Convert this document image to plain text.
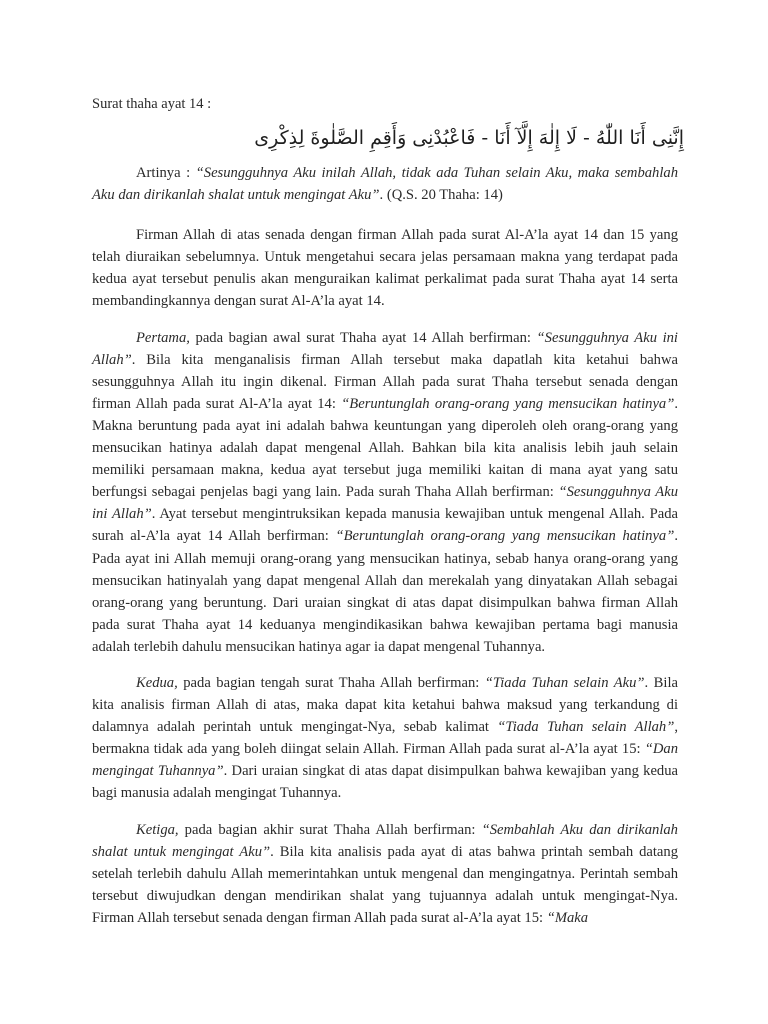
Surat thaha ayat 14 :
إِنَّنِى أَنَا اللّٰهُ - لَا إِلٰهَ إِلَّآ أَنَا - فَاعْبُدْنِى وَأَقِمِ الصَّلٰوةَ لِذِكْرِى

Artinya : “Sesungguhnya Aku inilah Allah, tidak ada Tuhan selain Aku, maka sembahlah Aku dan dirikanlah shalat untuk mengingat Aku”. (Q.S. 20 Thaha: 14)

Firman Allah di atas senada dengan firman Allah pada surat Al-A’la ayat 14 dan 15 yang telah diuraikan sebelumnya. Untuk mengetahui secara jelas persamaan makna yang terdapat pada kedua ayat tersebut penulis akan menguraikan kalimat perkalimat pada surat Thaha ayat 14 serta membandingkannya dengan surat Al-A’la ayat 14.

Pertama, pada bagian awal surat Thaha ayat 14 Allah berfirman: “Sesungguhnya Aku ini Allah”. Bila kita menganalisis firman Allah tersebut maka dapatlah kita ketahui bahwa sesungguhnya Allah itu ingin dikenal. Firman Allah pada surat Thaha tersebut senada dengan firman Allah pada surat Al-A’la ayat 14: “Beruntunglah orang-orang yang mensucikan hatinya”. Makna beruntung pada ayat ini adalah bahwa keuntungan yang diperoleh oleh orang-orang yang mensucikan hatinya adalah dapat mengenal Allah. Bahkan bila kita analisis lebih jauh selain memiliki persamaan makna, kedua ayat tersebut juga memiliki kaitan di mana ayat yang satu berfungsi sebagai penjelas bagi yang lain. Pada surah Thaha Allah berfirman: “Sesungguhnya Aku ini Allah”. Ayat tersebut mengintruksikan kepada manusia kewajiban untuk mengenal Allah. Pada surah al-A’la ayat 14 Allah berfirman: “Beruntunglah orang-orang yang mensucikan hatinya”. Pada ayat ini Allah memuji orang-orang yang mensucikan hatinya, sebab hanya orang-orang yang mensucikan hatinyalah yang dapat mengenal Allah dan merekalah yang dinyatakan Allah sebagai orang-orang yang beruntung. Dari uraian singkat di atas dapat disimpulkan bahwa firman Allah pada surat Thaha ayat 14 keduanya mengindikasikan bahwa kewajiban pertama bagi manusia adalah terlebih dahulu mensucikan hatinya agar ia dapat mengenal Tuhannya.

Kedua, pada bagian tengah surat Thaha Allah berfirman: “Tiada Tuhan selain Aku”. Bila kita analisis firman Allah di atas, maka dapat kita ketahui bahwa maksud yang terkandung di dalamnya adalah perintah untuk mengingat-Nya, sebab kalimat “Tiada Tuhan selain Allah”, bermakna tidak ada yang boleh diingat selain Allah. Firman Allah pada surat al-A’la ayat 15: “Dan mengingat Tuhannya”. Dari uraian singkat di atas dapat disimpulkan bahwa kewajiban yang kedua bagi manusia adalah mengingat Tuhannya.

Ketiga, pada bagian akhir surat Thaha Allah berfirman: “Sembahlah Aku dan dirikanlah shalat untuk mengingat Aku”. Bila kita analisis pada ayat di atas bahwa printah sembah datang setelah terlebih dahulu Allah memerintahkan untuk mengenal dan mengingatnya. Perintah sembah tersebut diwujudkan dengan mendirikan shalat yang tujuannya adalah untuk mengingat-Nya. Firman Allah tersebut senada dengan firman Allah pada surat al-A’la ayat 15: “Maka
